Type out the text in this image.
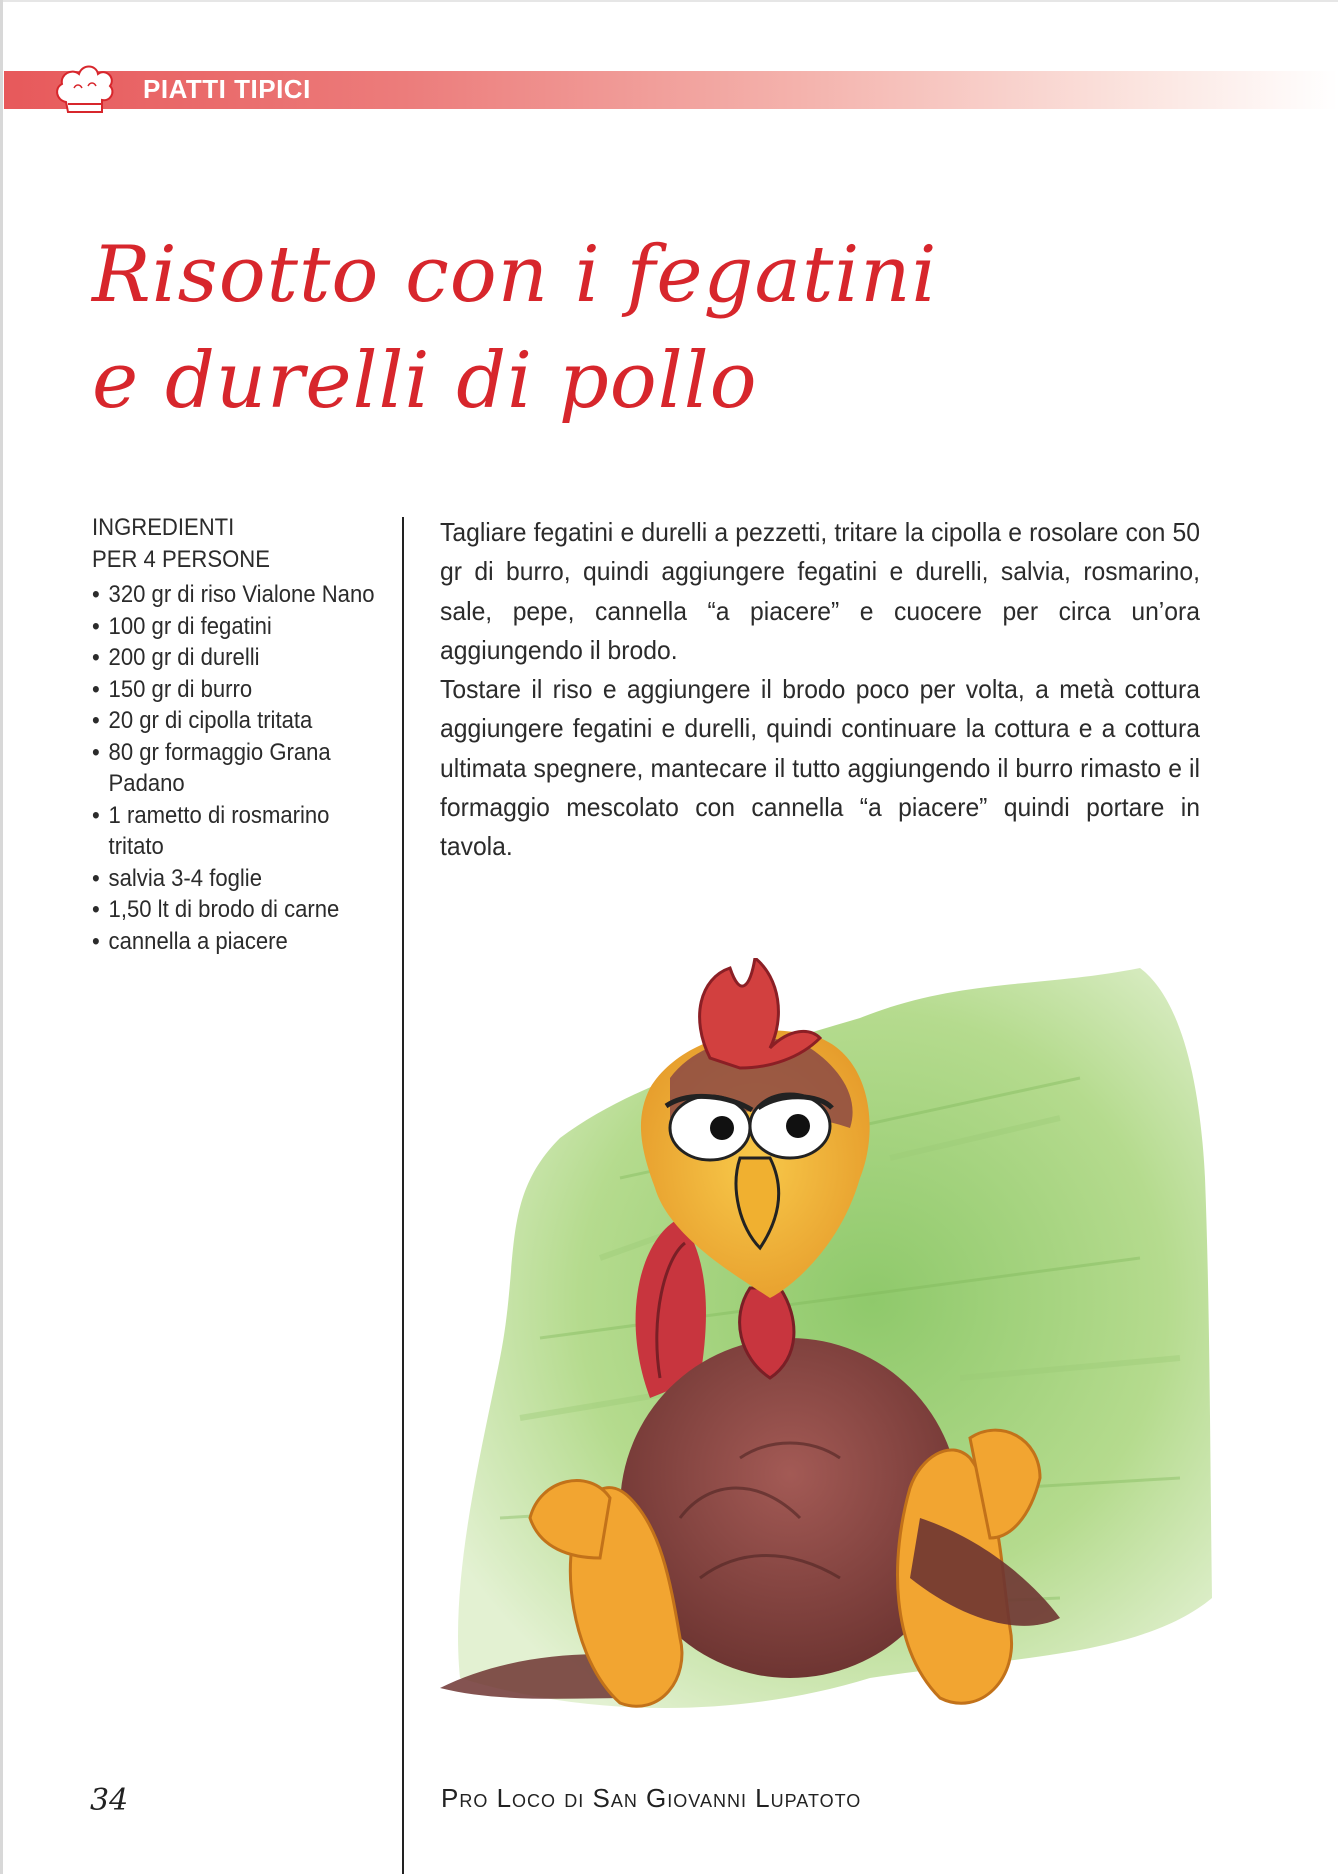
PIATTI TIPICI
Risotto con i fegatini
e durelli di pollo
INGREDIENTI
PER 4 PERSONE
• 320 gr di riso Vialone Nano
• 100 gr di fegatini
• 200 gr di durelli
• 150 gr di burro
• 20 gr di cipolla tritata
• 80 gr formaggio Grana Padano
• 1 rametto di rosmarino tritato
• salvia 3-4 foglie
• 1,50 lt di brodo di carne
• cannella a piacere

Tagliare fegatini e durelli a pezzetti, tritare la cipolla e rosolare con 50 gr di burro, quindi aggiungere fegatini e durelli, salvia, rosmarino, sale, pepe, cannella “a piacere” e cuocere per circa un’ora aggiungendo il brodo.

Tostare il riso e aggiungere il brodo poco per volta, a metà cottura aggiungere fegatini e durelli, quindi continuare la cottura e a cottura ultimata spegnere, mantecare il tutto aggiungendo il burro rimasto e il formaggio mescolato con cannella “a piacere” quindi portare in tavola.

34	Pro Loco di San Giovanni Lupatoto
